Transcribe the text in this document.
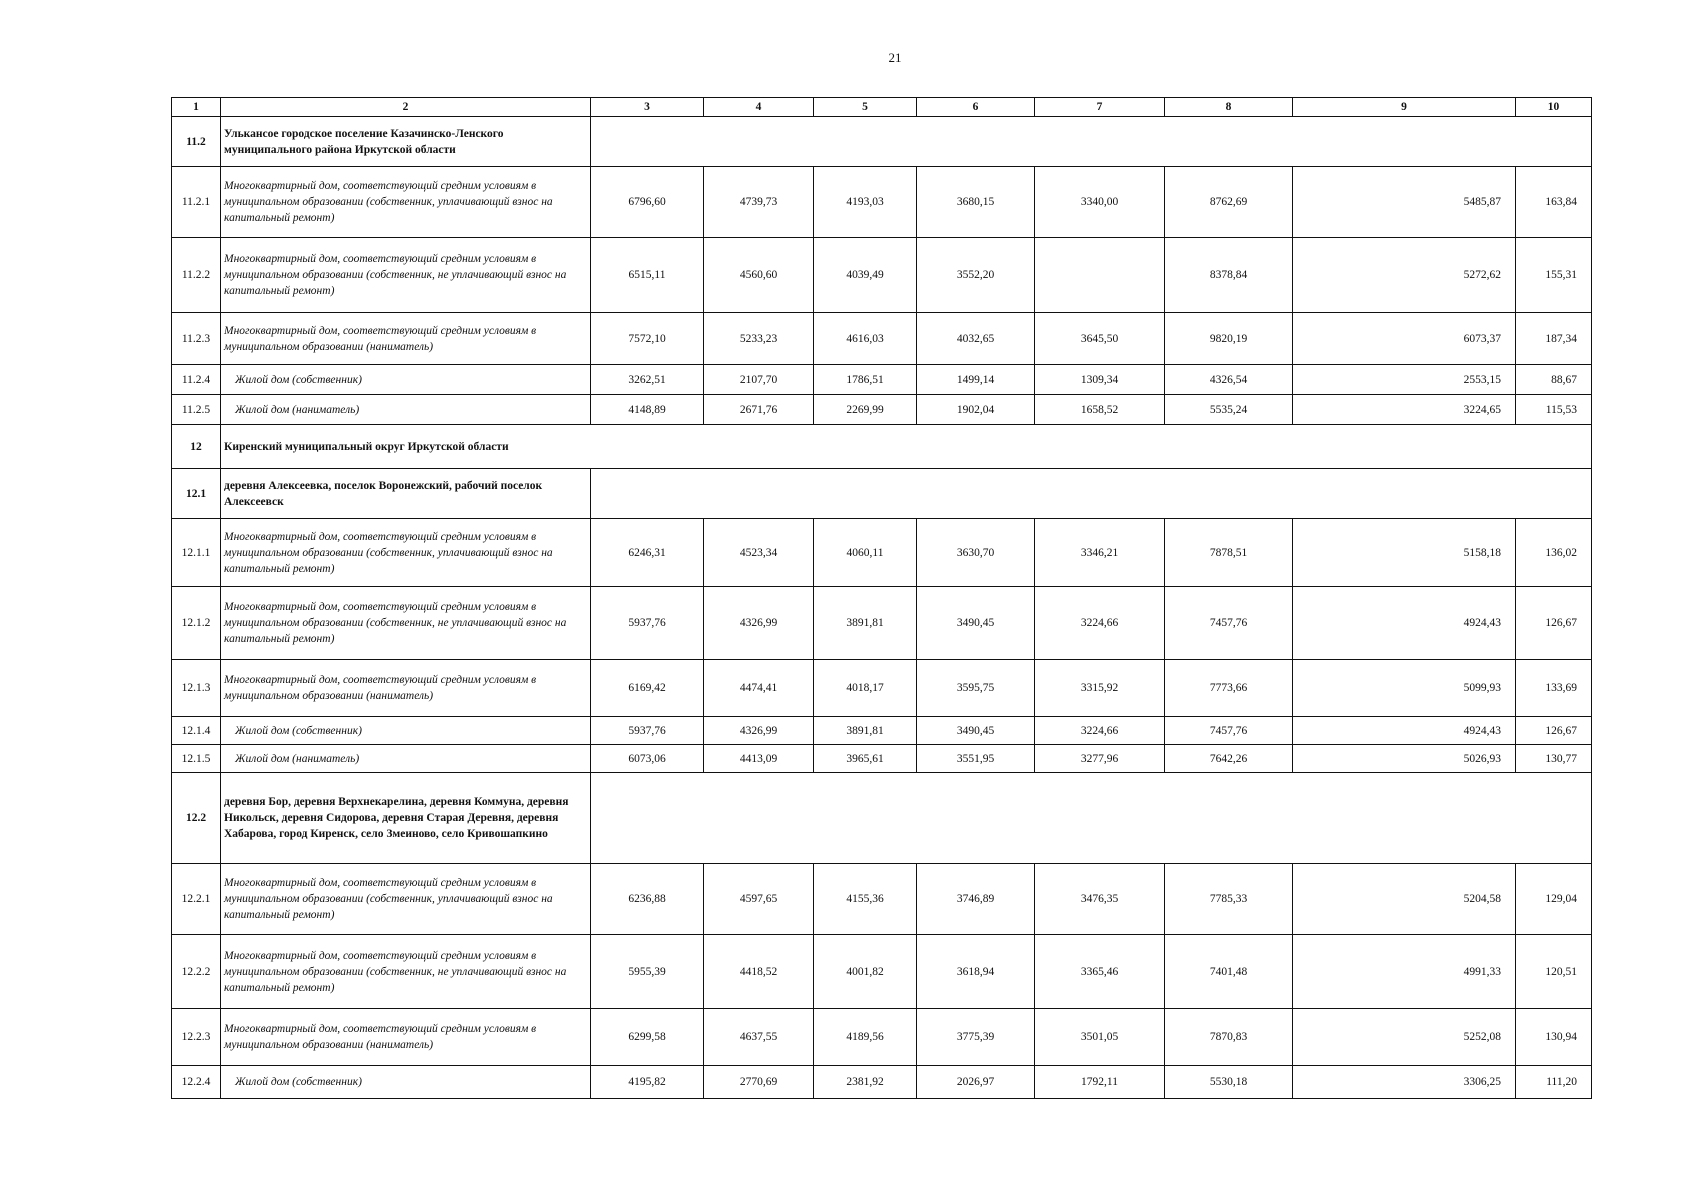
21
1	2	3	4	5	6	7	8	9	10
11.2	Улькансое городское поселение Казачинско-Ленского муниципального района Иркутской области								
11.2.1	Многоквартирный дом, соответствующий средним условиям в муниципальном образовании (собственник, уплачивающий взнос на капитальный ремонт)	6796,60	4739,73	4193,03	3680,15	3340,00	8762,69	5485,87	163,84
11.2.2	Многоквартирный дом, соответствующий средним условиям в муниципальном образовании (собственник, не уплачивающий взнос на капитальный ремонт)	6515,11	4560,60	4039,49	3552,20		8378,84	5272,62	155,31
11.2.3	Многоквартирный дом, соответствующий средним условиям в муниципальном образовании (наниматель)	7572,10	5233,23	4616,03	4032,65	3645,50	9820,19	6073,37	187,34
11.2.4	Жилой дом (собственник)	3262,51	2107,70	1786,51	1499,14	1309,34	4326,54	2553,15	88,67
11.2.5	Жилой дом (наниматель)	4148,89	2671,76	2269,99	1902,04	1658,52	5535,24	3224,65	115,53
12	Киренский муниципальный округ Иркутской области								
12.1	деревня Алексеевка, поселок Воронежский, рабочий поселок Алексеевск								
12.1.1	Многоквартирный дом, соответствующий средним условиям в муниципальном образовании (собственник, уплачивающий взнос на капитальный ремонт)	6246,31	4523,34	4060,11	3630,70	3346,21	7878,51	5158,18	136,02
12.1.2	Многоквартирный дом, соответствующий средним условиям в муниципальном образовании (собственник, не уплачивающий взнос на капитальный ремонт)	5937,76	4326,99	3891,81	3490,45	3224,66	7457,76	4924,43	126,67
12.1.3	Многоквартирный дом, соответствующий средним условиям в муниципальном образовании (наниматель)	6169,42	4474,41	4018,17	3595,75	3315,92	7773,66	5099,93	133,69
12.1.4	Жилой дом (собственник)	5937,76	4326,99	3891,81	3490,45	3224,66	7457,76	4924,43	126,67
12.1.5	Жилой дом (наниматель)	6073,06	4413,09	3965,61	3551,95	3277,96	7642,26	5026,93	130,77
12.2	деревня Бор, деревня Верхнекарелина, деревня Коммуна, деревня Никольск, деревня Сидорова, деревня Старая Деревня, деревня Хабарова, город Киренск, село Змеиново, село Кривошапкино								
12.2.1	Многоквартирный дом, соответствующий средним условиям в муниципальном образовании (собственник, уплачивающий взнос на капитальный ремонт)	6236,88	4597,65	4155,36	3746,89	3476,35	7785,33	5204,58	129,04
12.2.2	Многоквартирный дом, соответствующий средним условиям в муниципальном образовании (собственник, не уплачивающий взнос на капитальный ремонт)	5955,39	4418,52	4001,82	3618,94	3365,46	7401,48	4991,33	120,51
12.2.3	Многоквартирный дом, соответствующий средним условиям в муниципальном образовании (наниматель)	6299,58	4637,55	4189,56	3775,39	3501,05	7870,83	5252,08	130,94
12.2.4	Жилой дом (собственник)	4195,82	2770,69	2381,92	2026,97	1792,11	5530,18	3306,25	111,20
